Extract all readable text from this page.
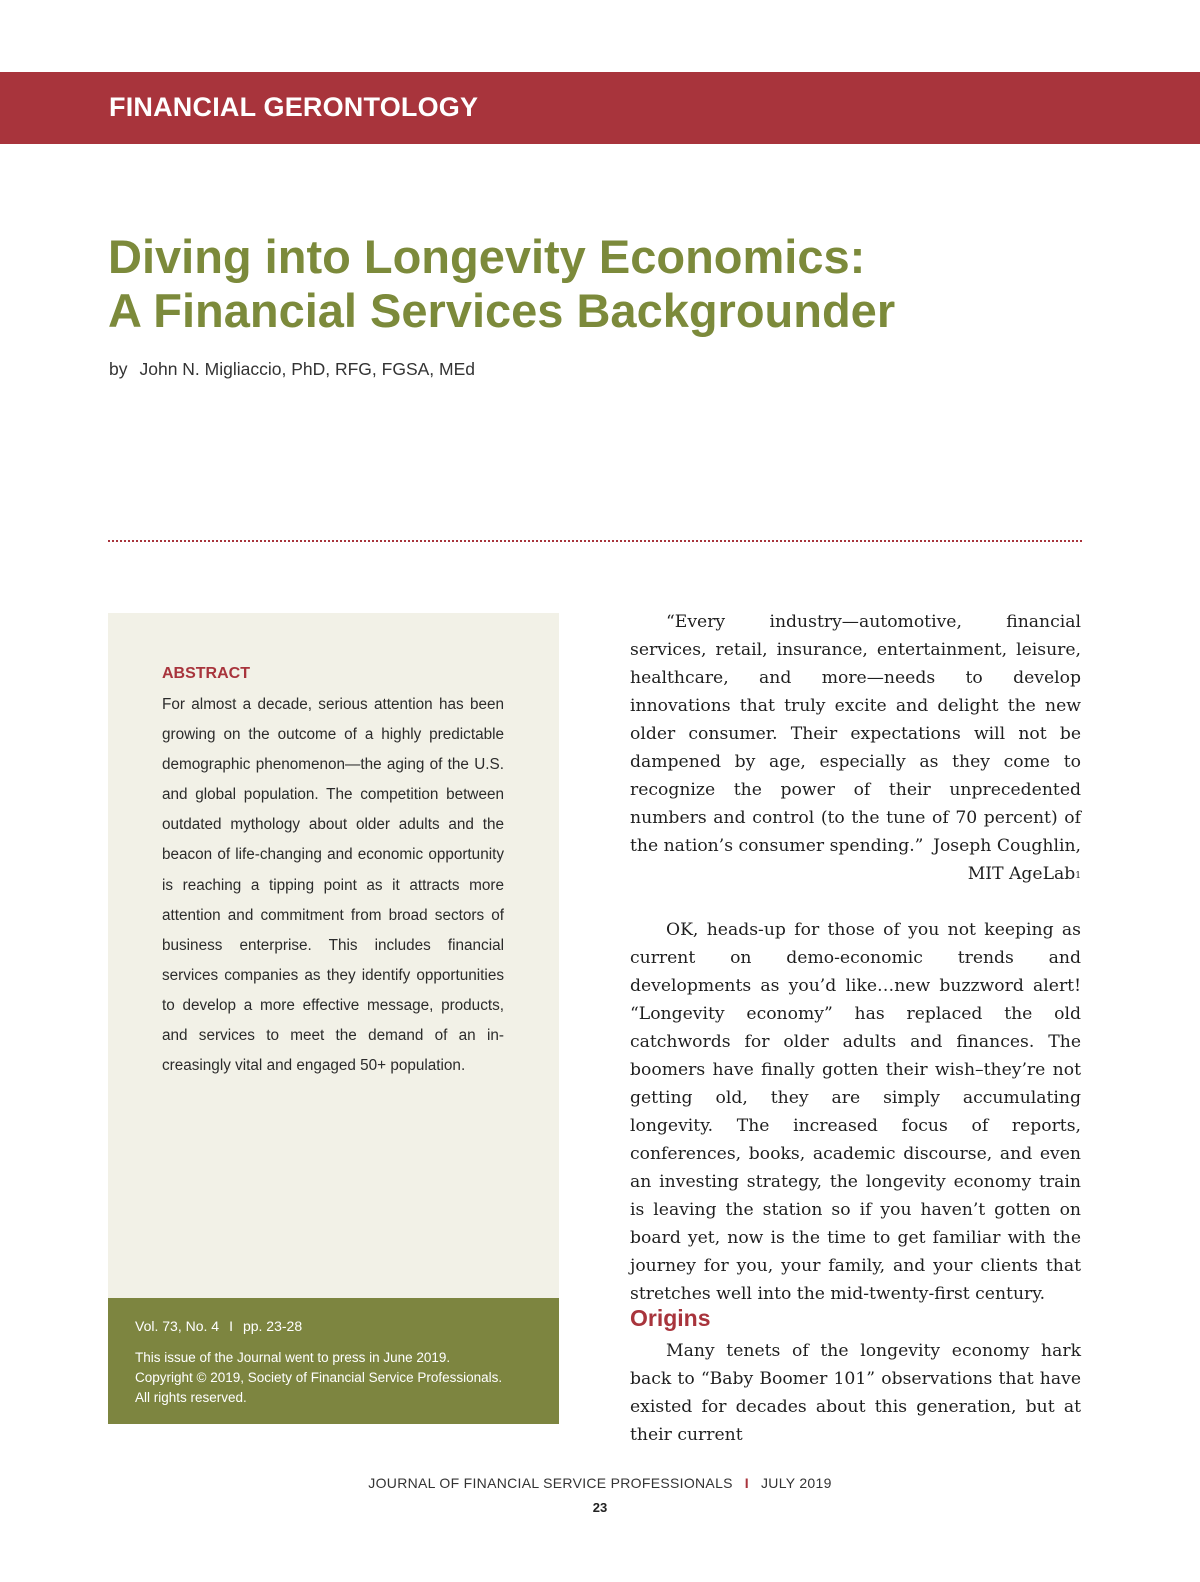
FINANCIAL GERONTOLOGY
Diving into Longevity Economics:
A Financial Services Backgrounder
by John N. Migliaccio, PhD, RFG, FGSA, MEd
ABSTRACT

For almost a decade, serious attention has been growing on the outcome of a highly predictable demographic phenomenon—the aging of the U.S. and global population. The competition between outdated mythology about older adults and the beacon of life-changing and economic opportunity is reaching a tipping point as it attracts more attention and commitment from broad sectors of business enterprise. This includes financial services companies as they identify opportunities to develop a more effective message, products, and services to meet the demand of an increasingly vital and engaged 50+ population.

Vol. 73, No. 4 I pp. 23-28
This issue of the Journal went to press in June 2019.
Copyright © 2019, Society of Financial Service Professionals.
All rights reserved.

“Every industry—automotive, financial services, retail, insurance, entertainment, leisure, healthcare, and more—needs to develop innovations that truly excite and delight the new older consumer. Their expectations will not be dampened by age, especially as they come to recognize the power of their unprecedented numbers and control (to the tune of 70 percent) of the nation’s consumer spending.” Joseph Coughlin,
MIT AgeLab$^1$

OK, heads-up for those of you not keeping as current on demo-economic trends and developments as you’d like…new buzzword alert! “Longevity economy” has replaced the old catchwords for older adults and finances. The boomers have finally gotten their wish–they’re not getting old, they are simply accumulating longevity. The increased focus of reports, conferences, books, academic discourse, and even an investing strategy, the longevity economy train is leaving the station so if you haven’t gotten on board yet, now is the time to get familiar with the journey for you, your family, and your clients that stretches well into the mid-twenty-first century.

Origins

Many tenets of the longevity economy hark back to “Baby Boomer 101” observations that have existed for decades about this generation, but at their current

JOURNAL OF FINANCIAL SERVICE PROFESSIONALS I JULY 2019
23
